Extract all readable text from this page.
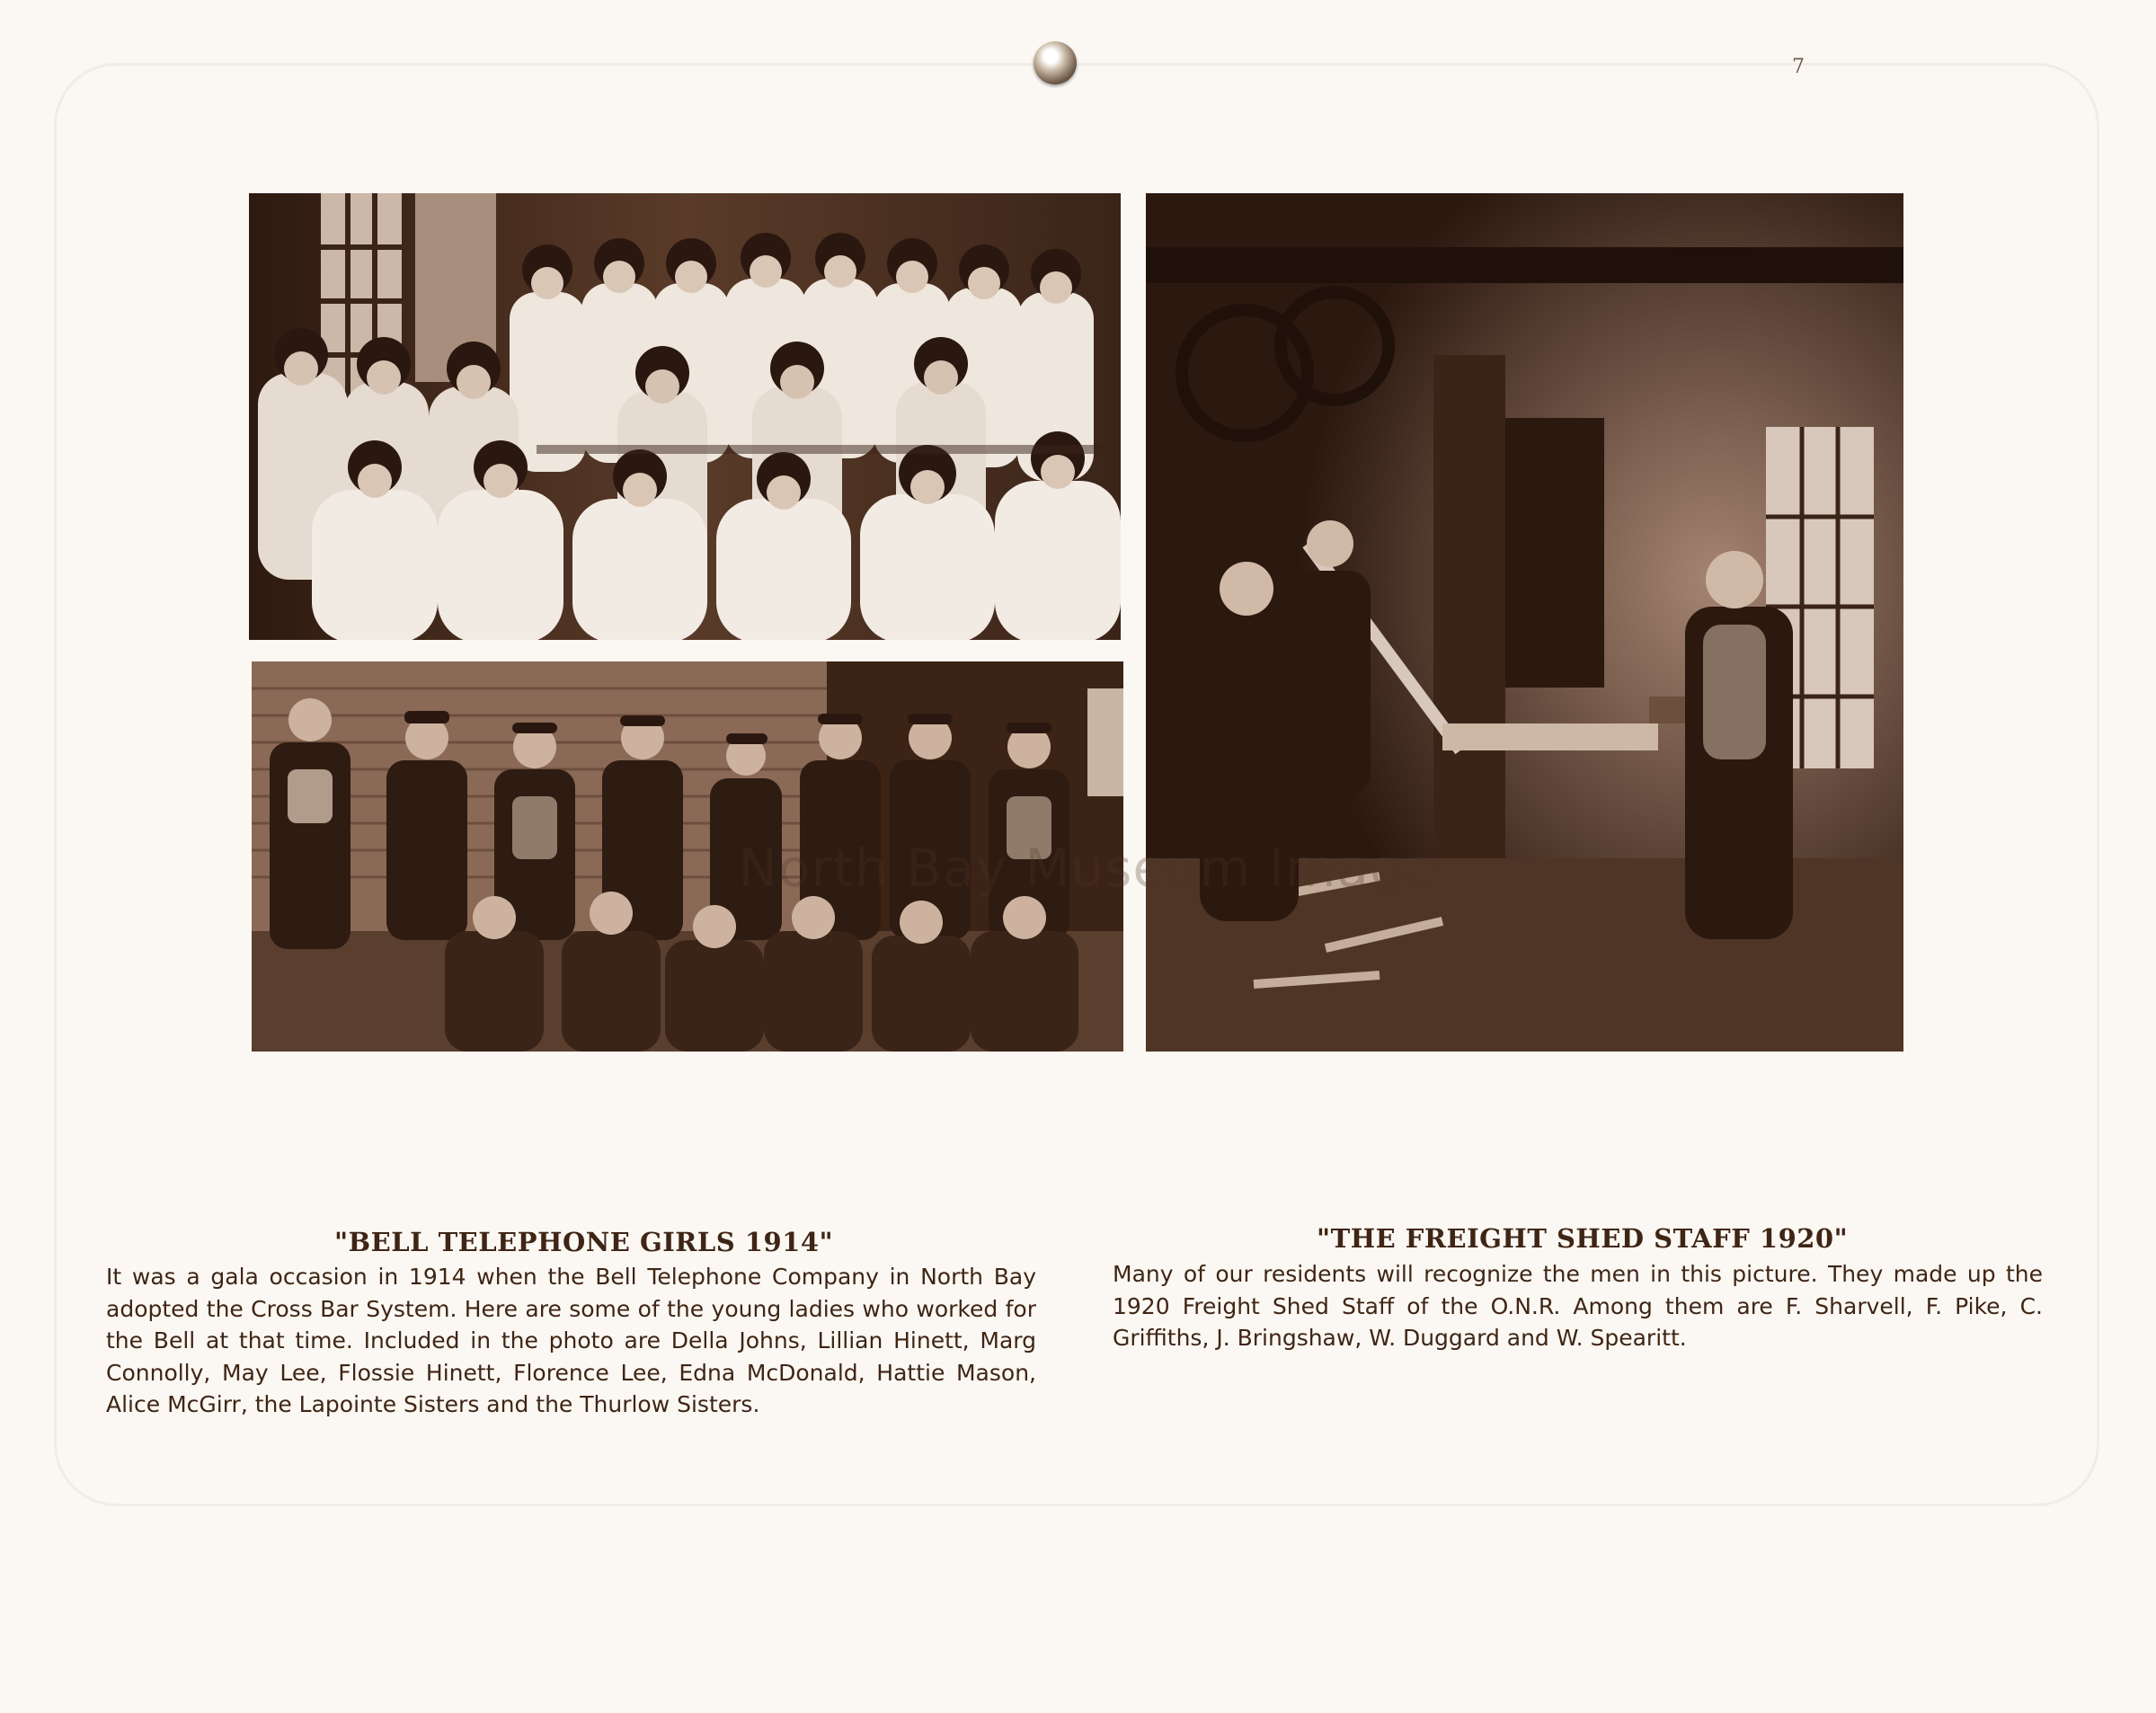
7
North Bay Museum Image
"BELL TELEPHONE GIRLS 1914"
It was a gala occasion in 1914 when the Bell Telephone Company in North Bay adopted the Cross Bar System. Here are some of the young ladies who worked for the Bell at that time. Included in the photo are Della Johns, Lillian Hinett, Marg Connolly, May Lee, Flossie Hinett, Florence Lee, Edna McDonald, Hattie Mason, Alice McGirr, the Lapointe Sisters and the Thurlow Sisters.
"THE FREIGHT SHED STAFF 1920"
Many of our residents will recognize the men in this picture. They made up the 1920 Freight Shed Staff of the O.N.R. Among them are F. Sharvell, F. Pike, C. Griffiths, J. Bringshaw, W. Duggard and W. Spearitt.
